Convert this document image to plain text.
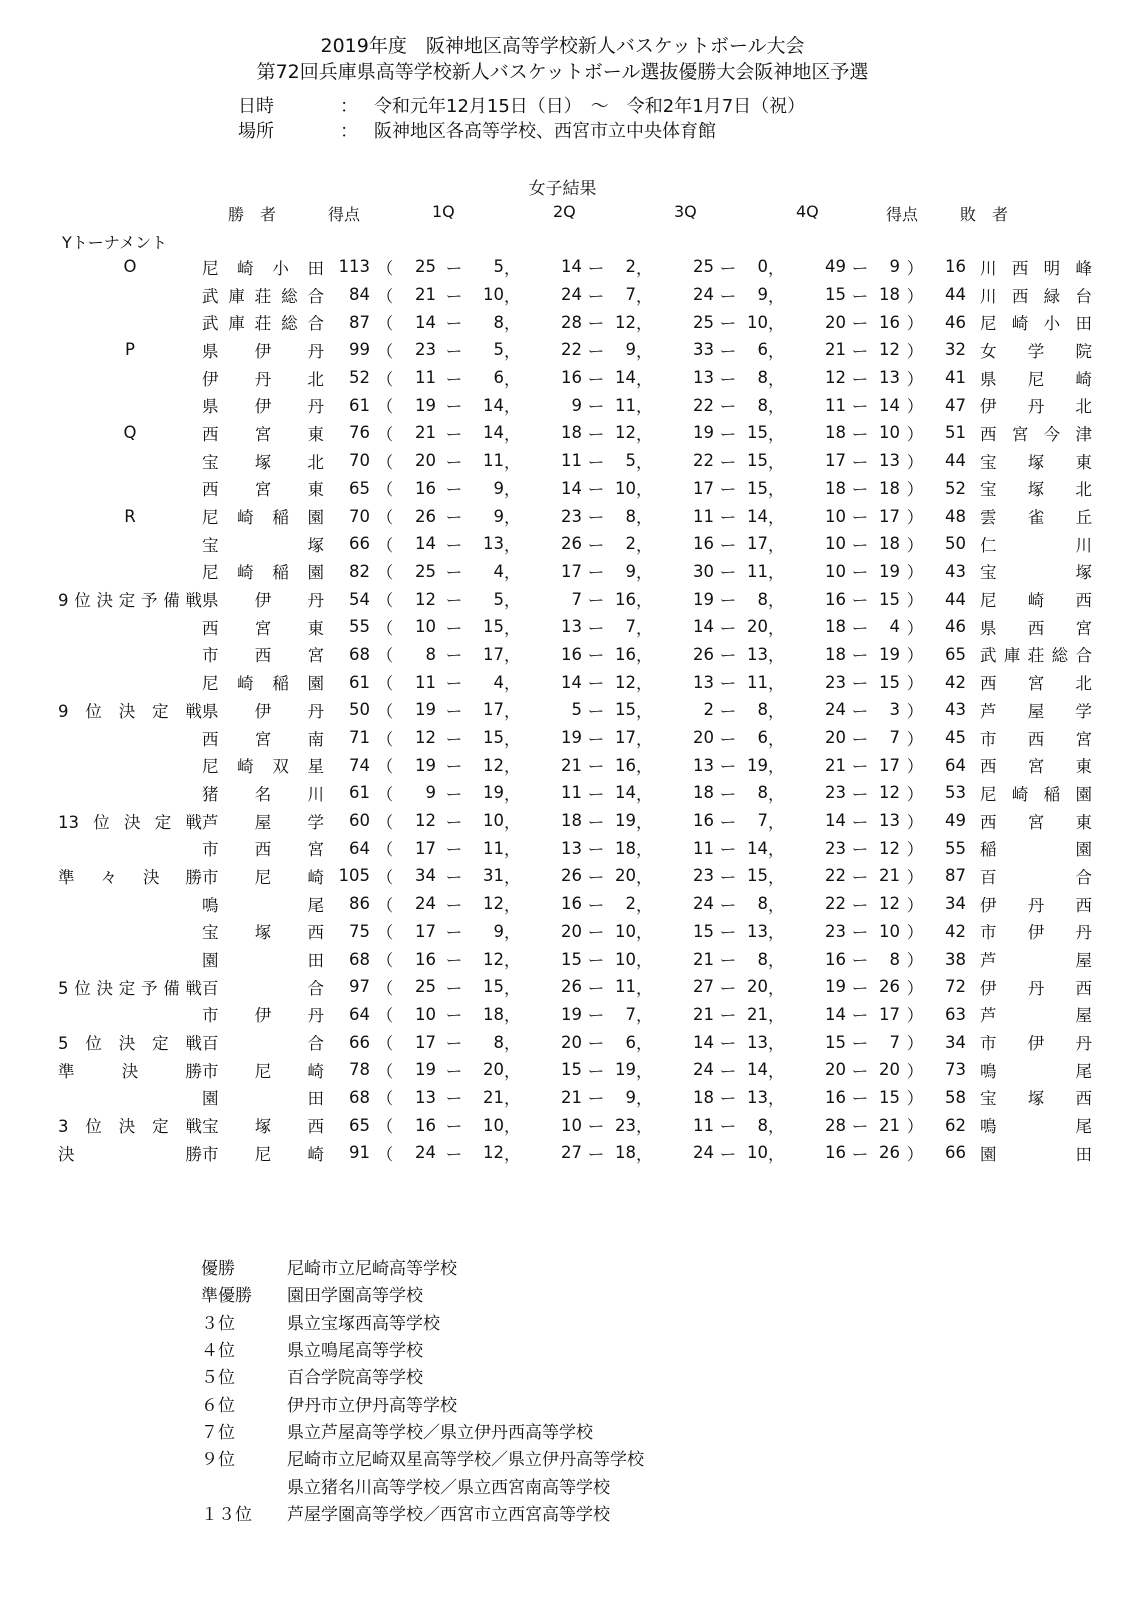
2019年度　阪神地区高等学校新人バスケットボール大会
第72回兵庫県高等学校新人バスケットボール選抜優勝大会阪神地区予選
日時	： 令和元年12月15日（日）　～　令和2年1月7日（祝）
場所	： 阪神地区各高等学校、西宮市立中央体育館
女子結果
勝　者	得点	1Q	2Q	3Q	4Q	得点	敗　者
Yトーナメント
O	尼崎小田	113	（	25	ー	5	，	14	ー	2	，	25	ー	0	，	49	ー	9	）	16		川西明峰
	武庫荘総合	84	（	21	ー	10	，	24	ー	7	，	24	ー	9	，	15	ー	18	）	44		川西緑台
	武庫荘総合	87	（	14	ー	8	，	28	ー	12	，	25	ー	10	，	20	ー	16	）	46		尼崎小田
P	県伊丹	99	（	23	ー	5	，	22	ー	9	，	33	ー	6	，	21	ー	12	）	32		女学院
	伊丹北	52	（	11	ー	6	，	16	ー	14	，	13	ー	8	，	12	ー	13	）	41		県尼崎
	県伊丹	61	（	19	ー	14	，	9	ー	11	，	22	ー	8	，	11	ー	14	）	47		伊丹北
Q	西宮東	76	（	21	ー	14	，	18	ー	12	，	19	ー	15	，	18	ー	10	）	51		西宮今津
	宝塚北	70	（	20	ー	11	，	11	ー	5	，	22	ー	15	，	17	ー	13	）	44		宝塚東
	西宮東	65	（	16	ー	9	，	14	ー	10	，	17	ー	15	，	18	ー	18	）	52		宝塚北
R	尼崎稲園	70	（	26	ー	9	，	23	ー	8	，	11	ー	14	，	10	ー	17	）	48		雲雀丘
	宝塚	66	（	14	ー	13	，	26	ー	2	，	16	ー	17	，	10	ー	18	）	50		仁川
	尼崎稲園	82	（	25	ー	4	，	17	ー	9	，	30	ー	11	，	10	ー	19	）	43		宝塚
9位決定予備戦	県伊丹	54	（	12	ー	5	，	7	ー	16	，	19	ー	8	，	16	ー	15	）	44		尼崎西
	西宮東	55	（	10	ー	15	，	13	ー	7	，	14	ー	20	，	18	ー	4	）	46		県西宮
	市西宮	68	（	8	ー	17	，	16	ー	16	，	26	ー	13	，	18	ー	19	）	65		武庫荘総合
	尼崎稲園	61	（	11	ー	4	，	14	ー	12	，	13	ー	11	，	23	ー	15	）	42		西宮北
9位決定戦	県伊丹	50	（	19	ー	17	，	5	ー	15	，	2	ー	8	，	24	ー	3	）	43		芦屋学
	西宮南	71	（	12	ー	15	，	19	ー	17	，	20	ー	6	，	20	ー	7	）	45		市西宮
	尼崎双星	74	（	19	ー	12	，	21	ー	16	，	13	ー	19	，	21	ー	17	）	64		西宮東
	猪名川	61	（	9	ー	19	，	11	ー	14	，	18	ー	8	，	23	ー	12	）	53		尼崎稲園
13位決定戦	芦屋学	60	（	12	ー	10	，	18	ー	19	，	16	ー	7	，	14	ー	13	）	49		西宮東
	市西宮	64	（	17	ー	11	，	13	ー	18	，	11	ー	14	，	23	ー	12	）	55		稲園
準々決勝	市尼崎	105	（	34	ー	31	，	26	ー	20	，	23	ー	15	，	22	ー	21	）	87		百合
	鳴尾	86	（	24	ー	12	，	16	ー	2	，	24	ー	8	，	22	ー	12	）	34		伊丹西
	宝塚西	75	（	17	ー	9	，	20	ー	10	，	15	ー	13	，	23	ー	10	）	42		市伊丹
	園田	68	（	16	ー	12	，	15	ー	10	，	21	ー	8	，	16	ー	8	）	38		芦屋
5位決定予備戦	百合	97	（	25	ー	15	，	26	ー	11	，	27	ー	20	，	19	ー	26	）	72		伊丹西
	市伊丹	64	（	10	ー	18	，	19	ー	7	，	21	ー	21	，	14	ー	17	）	63		芦屋
5位決定戦	百合	66	（	17	ー	8	，	20	ー	6	，	14	ー	13	，	15	ー	7	）	34		市伊丹
準決勝	市尼崎	78	（	19	ー	20	，	15	ー	19	，	24	ー	14	，	20	ー	20	）	73		鳴尾
	園田	68	（	13	ー	21	，	21	ー	9	，	18	ー	13	，	16	ー	15	）	58		宝塚西
3位決定戦	宝塚西	65	（	16	ー	10	，	10	ー	23	，	11	ー	8	，	28	ー	21	）	62		鳴尾
決勝	市尼崎	91	（	24	ー	12	，	27	ー	18	，	24	ー	10	，	16	ー	26	）	66		園田
優勝	尼崎市立尼崎高等学校
準優勝	園田学園高等学校
３位	県立宝塚西高等学校
４位	県立鳴尾高等学校
５位	百合学院高等学校
６位	伊丹市立伊丹高等学校
７位	県立芦屋高等学校／県立伊丹西高等学校
９位	尼崎市立尼崎双星高等学校／県立伊丹高等学校
	県立猪名川高等学校／県立西宮南高等学校
１３位	芦屋学園高等学校／西宮市立西宮高等学校
